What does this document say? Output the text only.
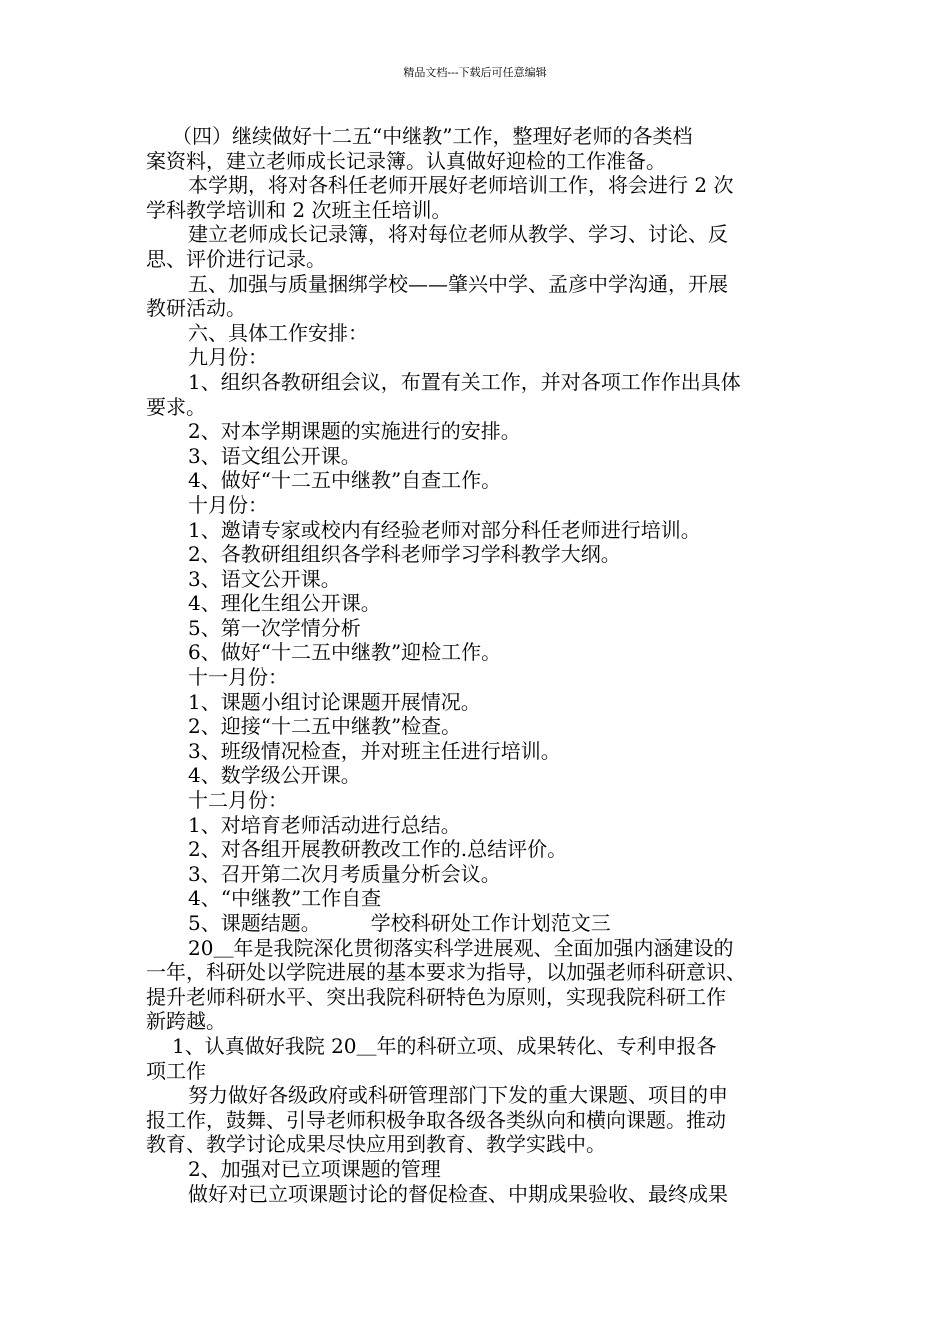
精品文档---下载后可任意编辑
（四）继续做好十二五“中继教”工作，整理好老师的各类档
案资料，建立老师成长记录簿。认真做好迎检的工作准备。
本学期，将对各科任老师开展好老师培训工作，将会进行 2 次
学科教学培训和 2 次班主任培训。
建立老师成长记录簿，将对每位老师从教学、学习、讨论、反
思、评价进行记录。
五、加强与质量捆绑学校——肇兴中学、孟彦中学沟通，开展
教研活动。
六、具体工作安排：
九月份：
1、组织各教研组会议，布置有关工作，并对各项工作作出具体
要求。
2、对本学期课题的实施进行的安排。
3、语文组公开课。
4、做好“十二五中继教”自查工作。
十月份：
1、邀请专家或校内有经验老师对部分科任老师进行培训。
2、各教研组组织各学科老师学习学科教学大纲。
3、语文公开课。
4、理化生组公开课。
5、第一次学情分析
6、做好“十二五中继教”迎检工作。
十一月份：
1、课题小组讨论课题开展情况。
2、迎接“十二五中继教”检查。
3、班级情况检查，并对班主任进行培训。
4、数学级公开课。
十二月份：
1、对培育老师活动进行总结。
2、对各组开展教研教改工作的.总结评价。
3、召开第二次月考质量分析会议。
4、“中继教”工作自查
5、课题结题。　　　学校科研处工作计划范文三
20＿年是我院深化贯彻落实科学进展观、全面加强内涵建设的
一年，科研处以学院进展的基本要求为指导，以加强老师科研意识、
提升老师科研水平、突出我院科研特色为原则，实现我院科研工作
新跨越。
1、认真做好我院 20＿年的科研立项、成果转化、专利申报各
项工作
努力做好各级政府或科研管理部门下发的重大课题、项目的申
报工作，鼓舞、引导老师积极争取各级各类纵向和横向课题。推动
教育、教学讨论成果尽快应用到教育、教学实践中。
2、加强对已立项课题的管理
做好对已立项课题讨论的督促检查、中期成果验收、最终成果
